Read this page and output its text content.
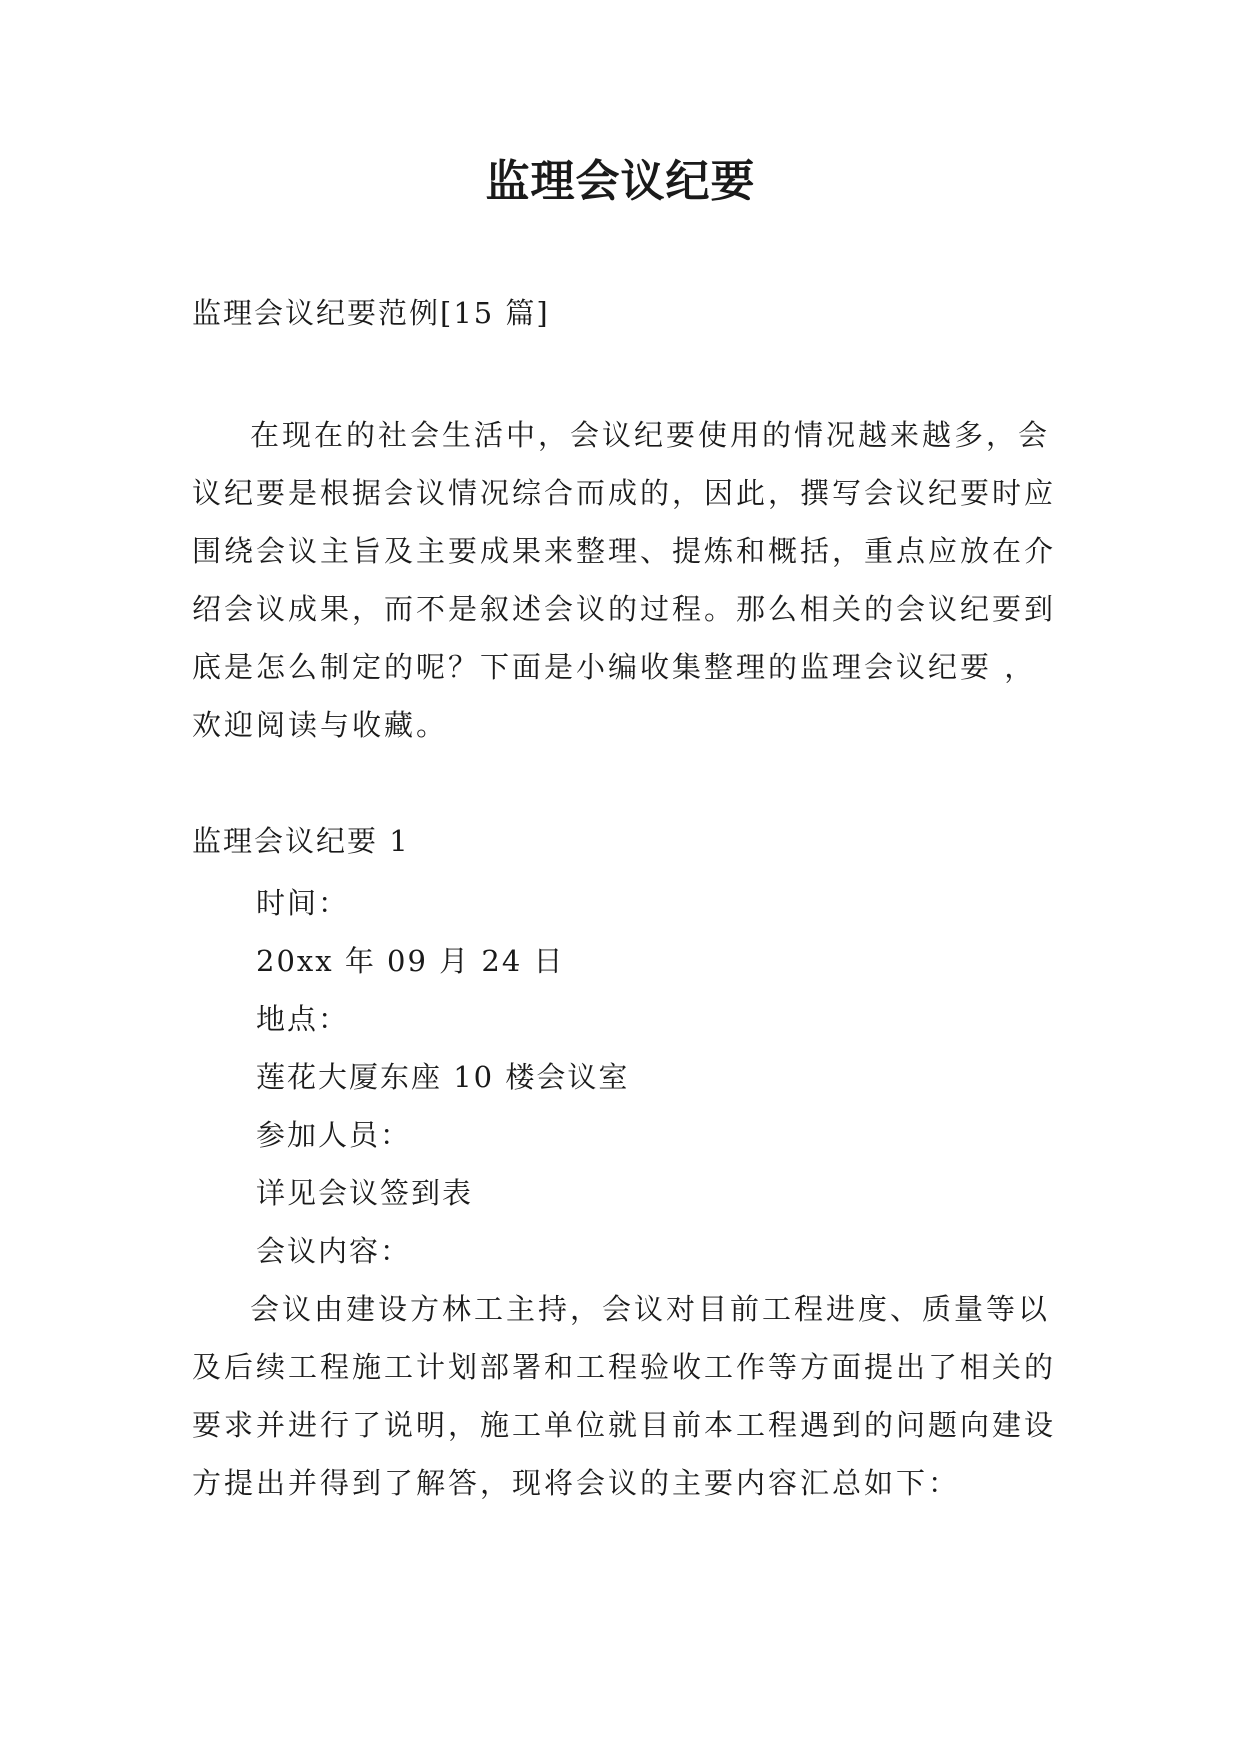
监理会议纪要
监理会议纪要范例[15 篇]

在现在的社会生活中，会议纪要使用的情况越来越多，会议纪要是根据会议情况综合而成的，因此，撰写会议纪要时应围绕会议主旨及主要成果来整理、提炼和概括，重点应放在介绍会议成果，而不是叙述会议的过程。那么相关的会议纪要到底是怎么制定的呢？下面是小编收集整理的监理会议纪要 ，欢迎阅读与收藏。

监理会议纪要 1
时间：
20xx 年 09 月 24 日
地点：
莲花大厦东座 10 楼会议室
参加人员：
详见会议签到表
会议内容：

会议由建设方林工主持，会议对目前工程进度、质量等以及后续工程施工计划部署和工程验收工作等方面提出了相关的要求并进行了说明，施工单位就目前本工程遇到的问题向建设方提出并得到了解答，现将会议的主要内容汇总如下：
